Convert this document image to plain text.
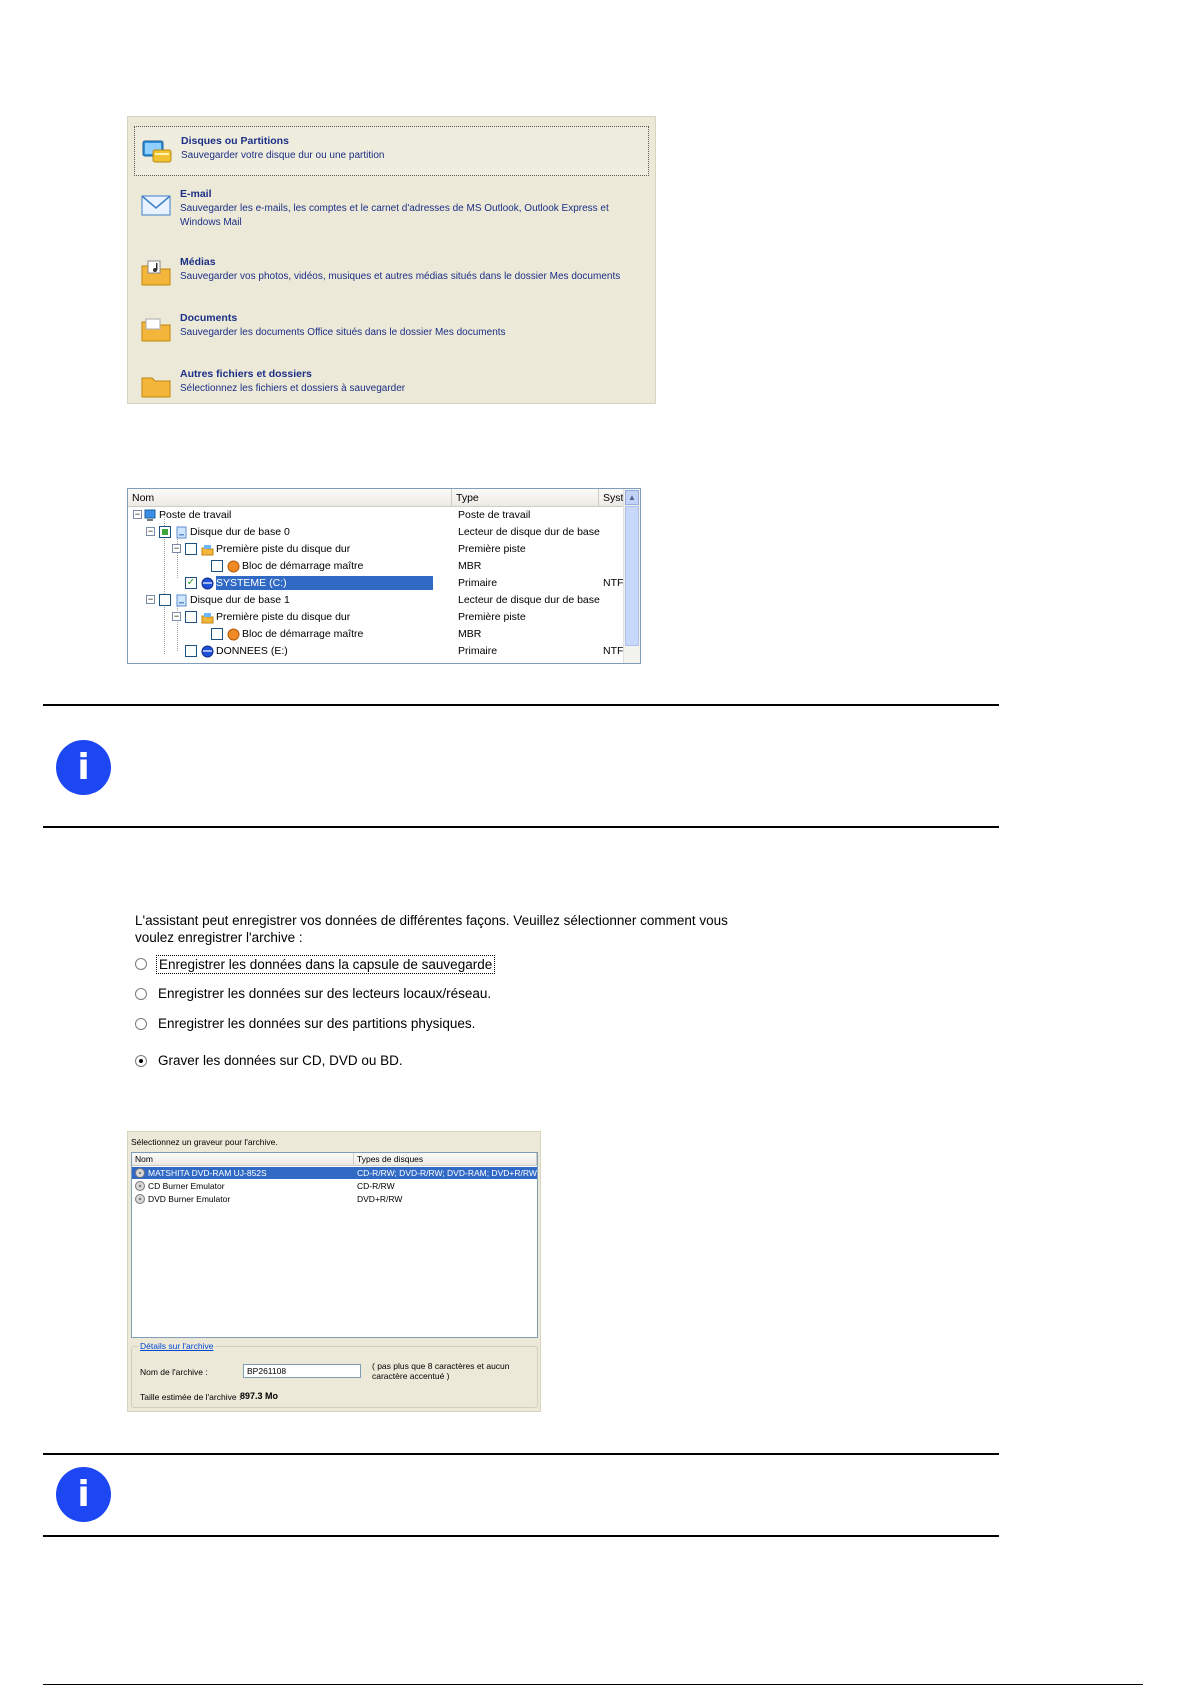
Disques ou Partitions
Sauvegarder votre disque dur ou une partition
E-mail
Sauvegarder les e-mails, les comptes et le carnet d'adresses de MS Outlook, Outlook Express et Windows Mail
Médias
Sauvegarder vos photos, vidéos, musiques et autres médias situés dans le dossier Mes documents
Documents
Sauvegarder les documents Office situés dans le dossier Mes documents
Autres fichiers et dossiers
Sélectionnez les fichiers et dossiers à sauvegarder
Nom	Type	Syst
− Poste de travail	Poste de travail
−	Disque dur de base 0	Lecteur de disque dur de base
−	Première piste du disque dur	Première piste
Bloc de démarrage maître	MBR
✓ SYSTEME (C:)	Primaire	NTF
−	Disque dur de base 1	Lecteur de disque dur de base
−	Première piste du disque dur	Première piste
Bloc de démarrage maître	MBR
DONNEES (E:)	Primaire	NTF
▲
i
L'assistant peut enregistrer vos données de différentes façons. Veuillez sélectionner comment vous voulez enregistrer l'archive :
Enregistrer les données dans la capsule de sauvegarde
Enregistrer les données sur des lecteurs locaux/réseau.
Enregistrer les données sur des partitions physiques.
Graver les données sur CD, DVD ou BD.
Sélectionnez un graveur pour l'archive.
Nom	Types de disques
MATSHITA DVD-RAM UJ-852S	CD-R/RW; DVD-R/RW; DVD-RAM; DVD+R/RW
CD Burner Emulator	CD-R/RW
DVD Burner Emulator	DVD+R/RW
Détails sur l'archive
Nom de l'archive :	BP261108	( pas plus que 8 caractères et aucun caractère accentué )
Taille estimée de l'archive :
897.3 Mo
i
